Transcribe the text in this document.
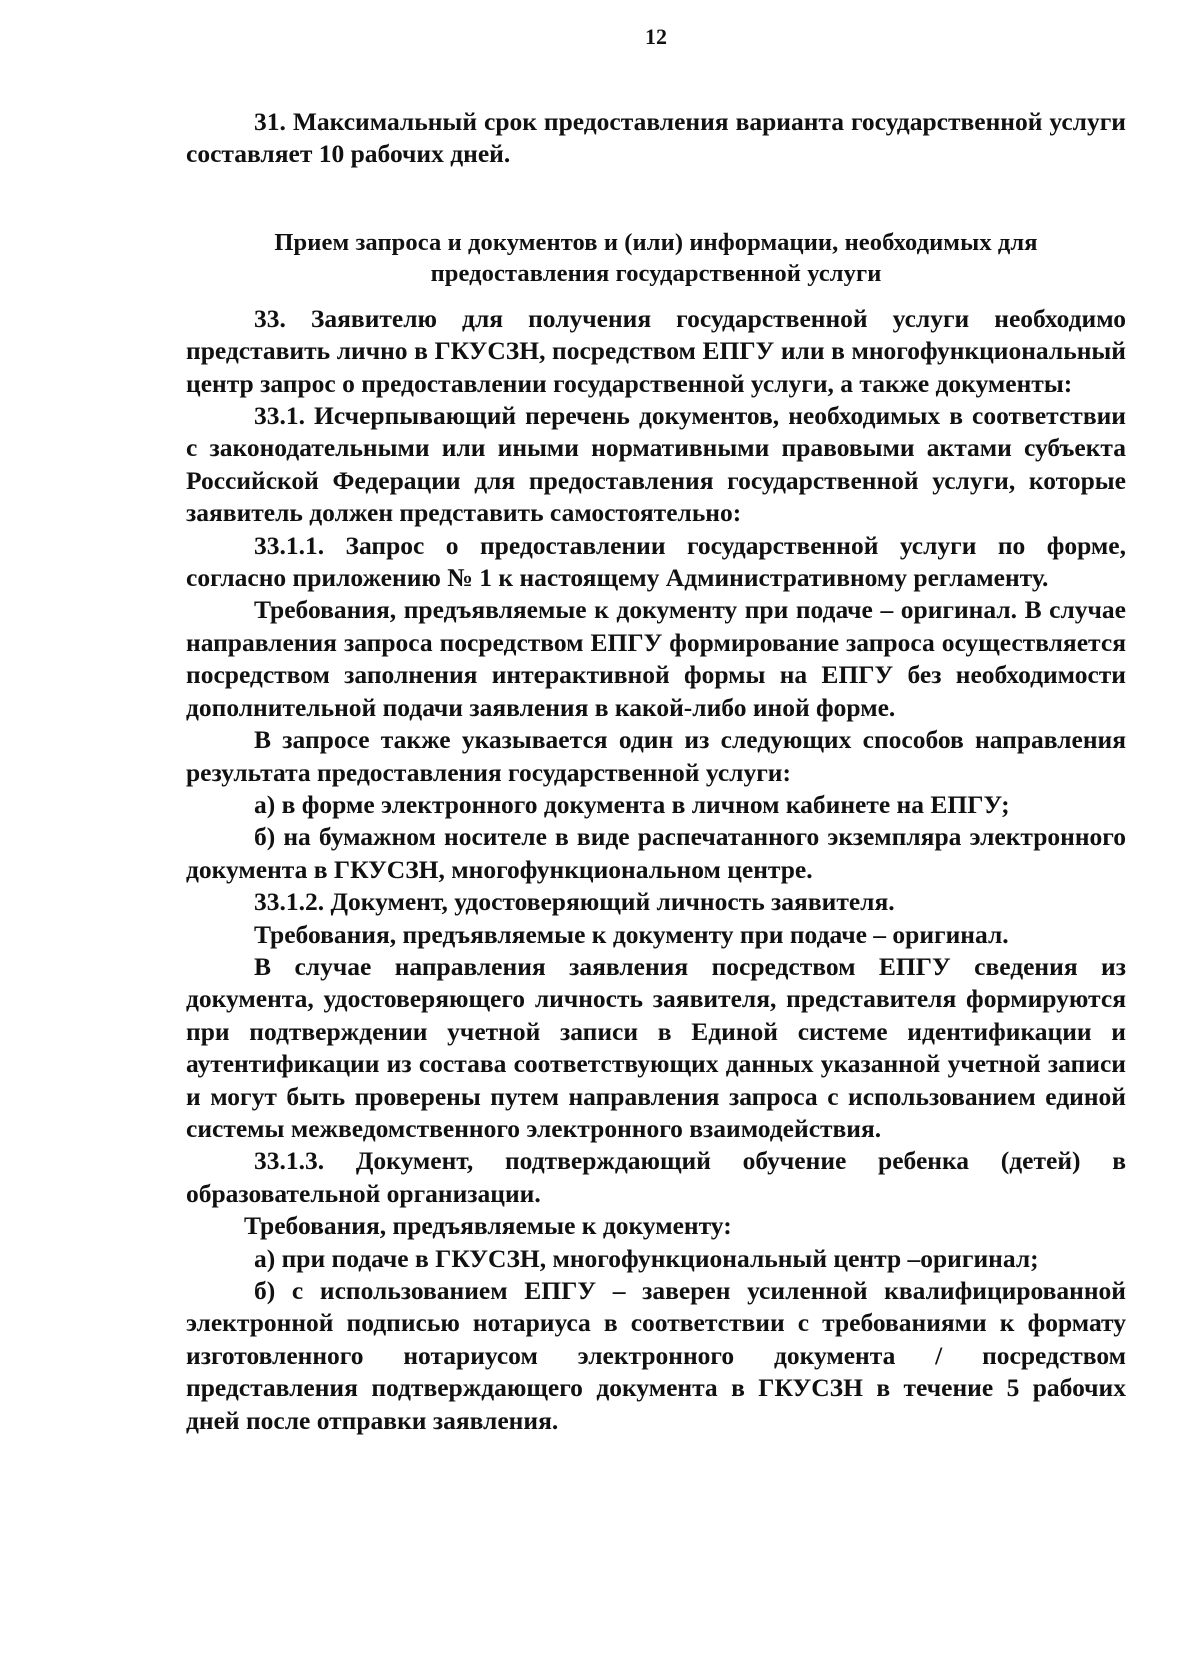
12

31. Максимальный срок предоставления варианта государственной услуги составляет 10 рабочих дней.

Прием запроса и документов и (или) информации, необходимых для
предоставления государственной услуги

33. Заявителю для получения государственной услуги необходимо представить лично в ГКУСЗН, посредством ЕПГУ или в многофункциональный центр запрос о предоставлении государственной услуги, а также документы:

33.1. Исчерпывающий перечень документов, необходимых в соответствии с законодательными или иными нормативными правовыми актами субъекта Российской Федерации для предоставления государственной услуги, которые заявитель должен представить самостоятельно:

33.1.1. Запрос о предоставлении государственной услуги по форме, согласно приложению № 1 к настоящему Административному регламенту.

Требования, предъявляемые к документу при подаче – оригинал. В случае направления запроса посредством ЕПГУ формирование запроса осуществляется посредством заполнения интерактивной формы на ЕПГУ без необходимости дополнительной подачи заявления в какой-либо иной форме.

В запросе также указывается один из следующих способов направления результата предоставления государственной услуги:

а) в форме электронного документа в личном кабинете на ЕПГУ;

б) на бумажном носителе в виде распечатанного экземпляра электронного документа в ГКУСЗН, многофункциональном центре.

33.1.2. Документ, удостоверяющий личность заявителя.

Требования, предъявляемые к документу при подаче – оригинал.

В случае направления заявления посредством ЕПГУ сведения из документа, удостоверяющего личность заявителя, представителя формируются при подтверждении учетной записи в Единой системе идентификации и аутентификации из состава соответствующих данных указанной учетной записи и могут быть проверены путем направления запроса с использованием единой системы межведомственного электронного взаимодействия.

33.1.3. Документ, подтверждающий обучение ребенка (детей) в образовательной организации.

Требования, предъявляемые к документу:

а) при подаче в ГКУСЗН, многофункциональный центр –оригинал;

б) с использованием ЕПГУ – заверен усиленной квалифицированной электронной подписью нотариуса в соответствии с требованиями к формату изготовленного нотариусом электронного документа / посредством представления подтверждающего документа в ГКУСЗН в течение 5 рабочих дней после отправки заявления.
